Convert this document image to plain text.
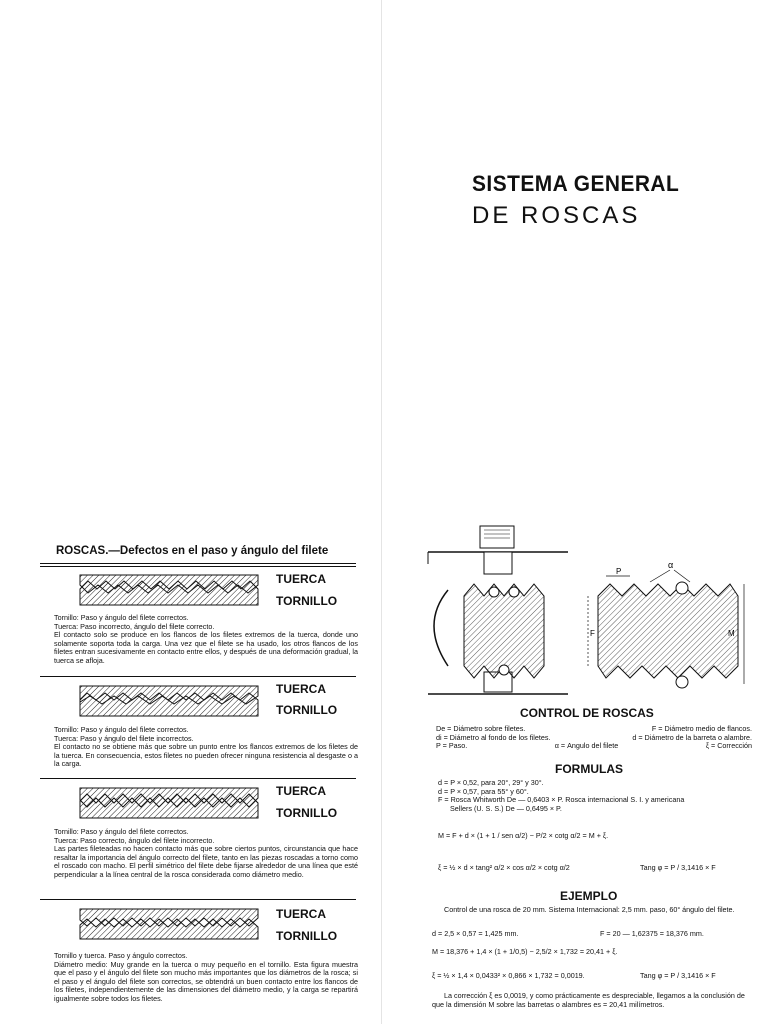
SISTEMA GENERAL
DE ROSCAS
ROSCAS.—Defectos en el paso y ángulo del filete
TUERCA
TORNILLO

Tornillo: Paso y ángulo del filete correctos.

Tuerca: Paso incorrecto, ángulo del filete correcto.

El contacto solo se produce en los flancos de los filetes extremos de la tuerca, donde uno solamente soporta toda la carga. Una vez que el filete se ha usado, los otros flancos de los filetes entran sucesivamente en contacto entre ellos, y después de una deformación gradual, la tuerca se afloja.

TUERCA
TORNILLO

Tornillo: Paso y ángulo del filete correctos.

Tuerca: Paso y ángulo del filete incorrectos.

El contacto no se obtiene más que sobre un punto entre los flancos extremos de los filetes de la tuerca. En consecuencia, estos filetes no pueden ofrecer ninguna resistencia al desgaste o a la carga.

TUERCA
TORNILLO

Tornillo: Paso y ángulo del filete correctos.

Tuerca: Paso correcto, ángulo del filete incorrecto.

Las partes fileteadas no hacen contacto más que sobre ciertos puntos, circunstancia que hace resaltar la importancia del ángulo correcto del filete, tanto en las piezas roscadas a torno como el roscado con macho. El perfil simétrico del filete debe fijarse alrededor de una línea que esté perpendicular a la línea central de la rosca considerada como diámetro medio.

TUERCA
TORNILLO

Tornillo y tuerca. Paso y ángulo correctos.

Diámetro medio: Muy grande en la tuerca o muy pequeño en el tornillo. Esta figura muestra que el paso y el ángulo del filete son mucho más importantes que los diámetros de la rosca; si el paso y el ángulo del filete son correctos, se obtendrá un buen contacto entre los flancos de los filetes, independientemente de las dimensiones del diámetro medio, y la carga se repartirá igualmente sobre todos los filetes.

P
α
F	M
CONTROL DE ROSCAS
De = Diámetro sobre filetes.	F = Diámetro medio de flancos.
di = Diámetro al fondo de los filetes.	d = Diámetro de la barreta o alambre.
P = Paso.	α = Angulo del filete	ξ = Corrección
FORMULAS

d = P × 0,52, para 20°, 29° y 30°.

d = P × 0,57, para 55° y 60°.

F = Rosca Whitworth De — 0,6403 × P. Rosca internacional S. I. y americana

Sellers (U. S. S.) De — 0,6495 × P.

M = F + d × (1 + 1 / sen α/2) − P/2 × cotg α/2 = M + ξ.
ξ = ½ × d × tang² α/2 × cos α/2 × cotg α/2	Tang φ = P / 3,1416 × F
EJEMPLO
Control de una rosca de 20 mm. Sistema Internacional: 2,5 mm. paso, 60° ángulo del filete.
d = 2,5 × 0,57 = 1,425 mm.	F = 20 — 1,62375 = 18,376 mm.
M = 18,376 + 1,4 × (1 + 1/0,5) − 2,5/2 × 1,732 = 20,41 + ξ.
ξ = ½ × 1,4 × 0,0433² × 0,866 × 1,732 = 0,0019.	Tang φ = P / 3,1416 × F
La corrección ξ es 0,0019, y como prácticamente es despreciable, llegamos a la conclusión de que la dimensión M sobre las barretas o alambres es = 20,41 milímetros.
